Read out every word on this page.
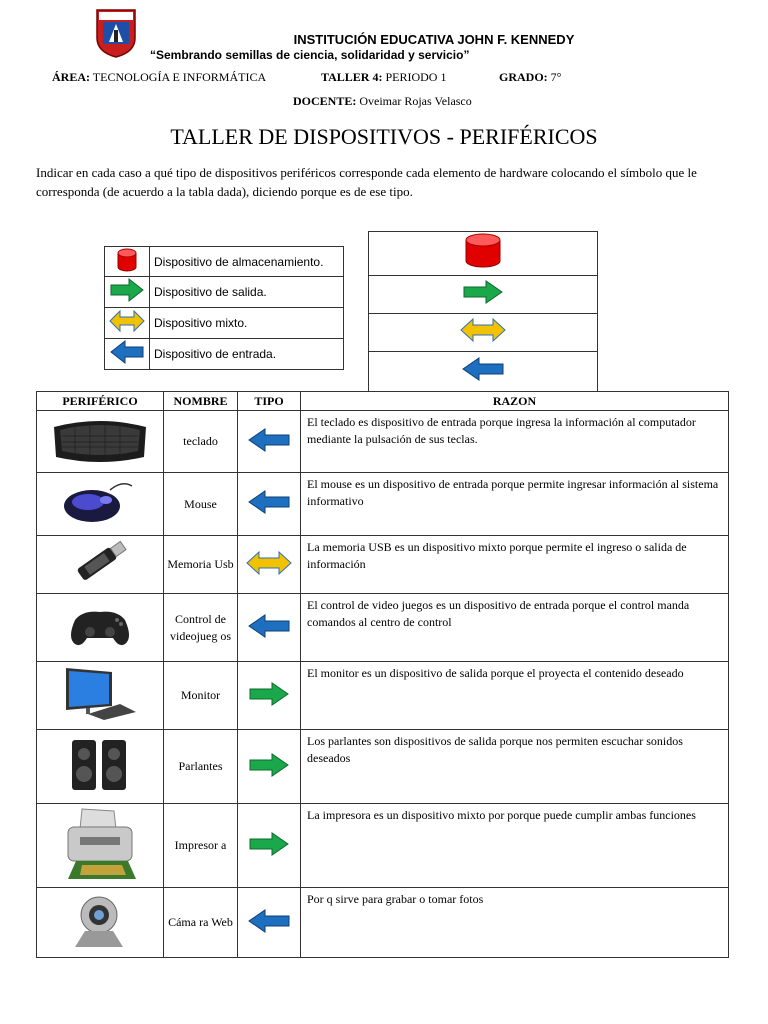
INSTITUCIÓN EDUCATIVA JOHN F. KENNEDY
“Sembrando semillas de ciencia, solidaridad y servicio”
ÁREA: TECNOLOGÍA E INFORMÁTICA	TALLER 4: PERIODO 1	GRADO: 7°
DOCENTE: Oveimar Rojas Velasco
TALLER DE DISPOSITIVOS - PERIFÉRICOS
Indicar en cada caso a qué tipo de dispositivos periféricos corresponde cada elemento de hardware colocando el símbolo que le corresponda (de acuerdo a la tabla dada), diciendo porque es de ese tipo.
	Dispositivo de almacenamiento.
	Dispositivo de salida.
	Dispositivo mixto.
	Dispositivo de entrada.

PERIFÉRICO	NOMBRE	TIPO	RAZON
	teclado		El teclado es dispositivo de entrada porque ingresa la información al computador mediante la pulsación de sus teclas.
	Mouse		El mouse es un dispositivo de entrada porque permite ingresar información al sistema informativo
	Memoria Usb		La memoria USB es un dispositivo mixto porque permite el ingreso o salida de información
	Control de videojueg os		El control de video juegos es un dispositivo de entrada porque el control manda comandos al centro de control
	Monitor		El monitor es un dispositivo de salida porque el proyecta el contenido deseado
	Parlantes		Los parlantes son dispositivos de salida porque nos permiten escuchar sonidos deseados
	Impresor a		La impresora es un dispositivo mixto por porque puede cumplir ambas funciones
	Cáma ra Web		Por q sirve para grabar o tomar fotos
